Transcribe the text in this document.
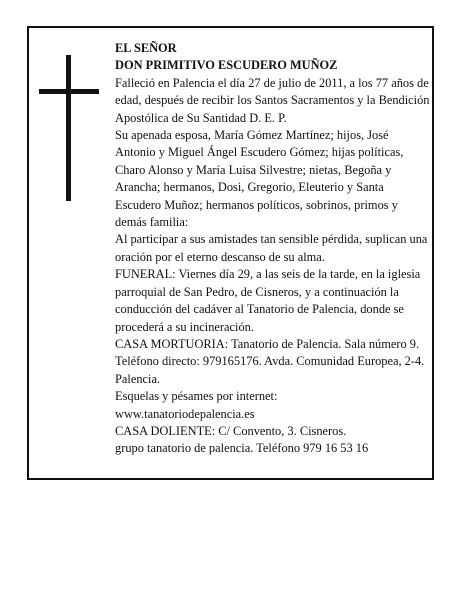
EL SEÑOR

DON PRIMITIVO ESCUDERO MUÑOZ

Falleció en Palencia el día 27 de julio de 2011, a los 77 años de edad, después de recibir los Santos Sacramentos y la Bendición Apostólica de Su Santidad D. E. P.

Su apenada esposa, María Gómez Martínez; hijos, José Antonio y Miguel Ángel Escudero Gómez; hijas políticas, Charo Alonso y María Luisa Silvestre; nietas, Begoña y Arancha; hermanos, Dosi, Gregorio, Eleuterio y Santa Escudero Muñoz; hermanos políticos, sobrinos, primos y demás familia:

Al participar a sus amistades tan sensible pérdida, suplican una oración por el eterno descanso de su alma.

FUNERAL: Viernes día 29, a las seis de la tarde, en la iglesia parroquial de San Pedro, de Cisneros, y a continuación la conducción del cadáver al Tanatorio de Palencia, donde se procederá a su incineración.

CASA MORTUORIA: Tanatorio de Palencia. Sala número 9. Teléfono directo: 979165176. Avda. Comunidad Europea, 2-4. Palencia.

Esquelas y pésames por internet:

www.tanatoriodepalencia.es

CASA DOLIENTE: C/ Convento, 3. Cisneros.

grupo tanatorio de palencia. Teléfono 979 16 53 16
